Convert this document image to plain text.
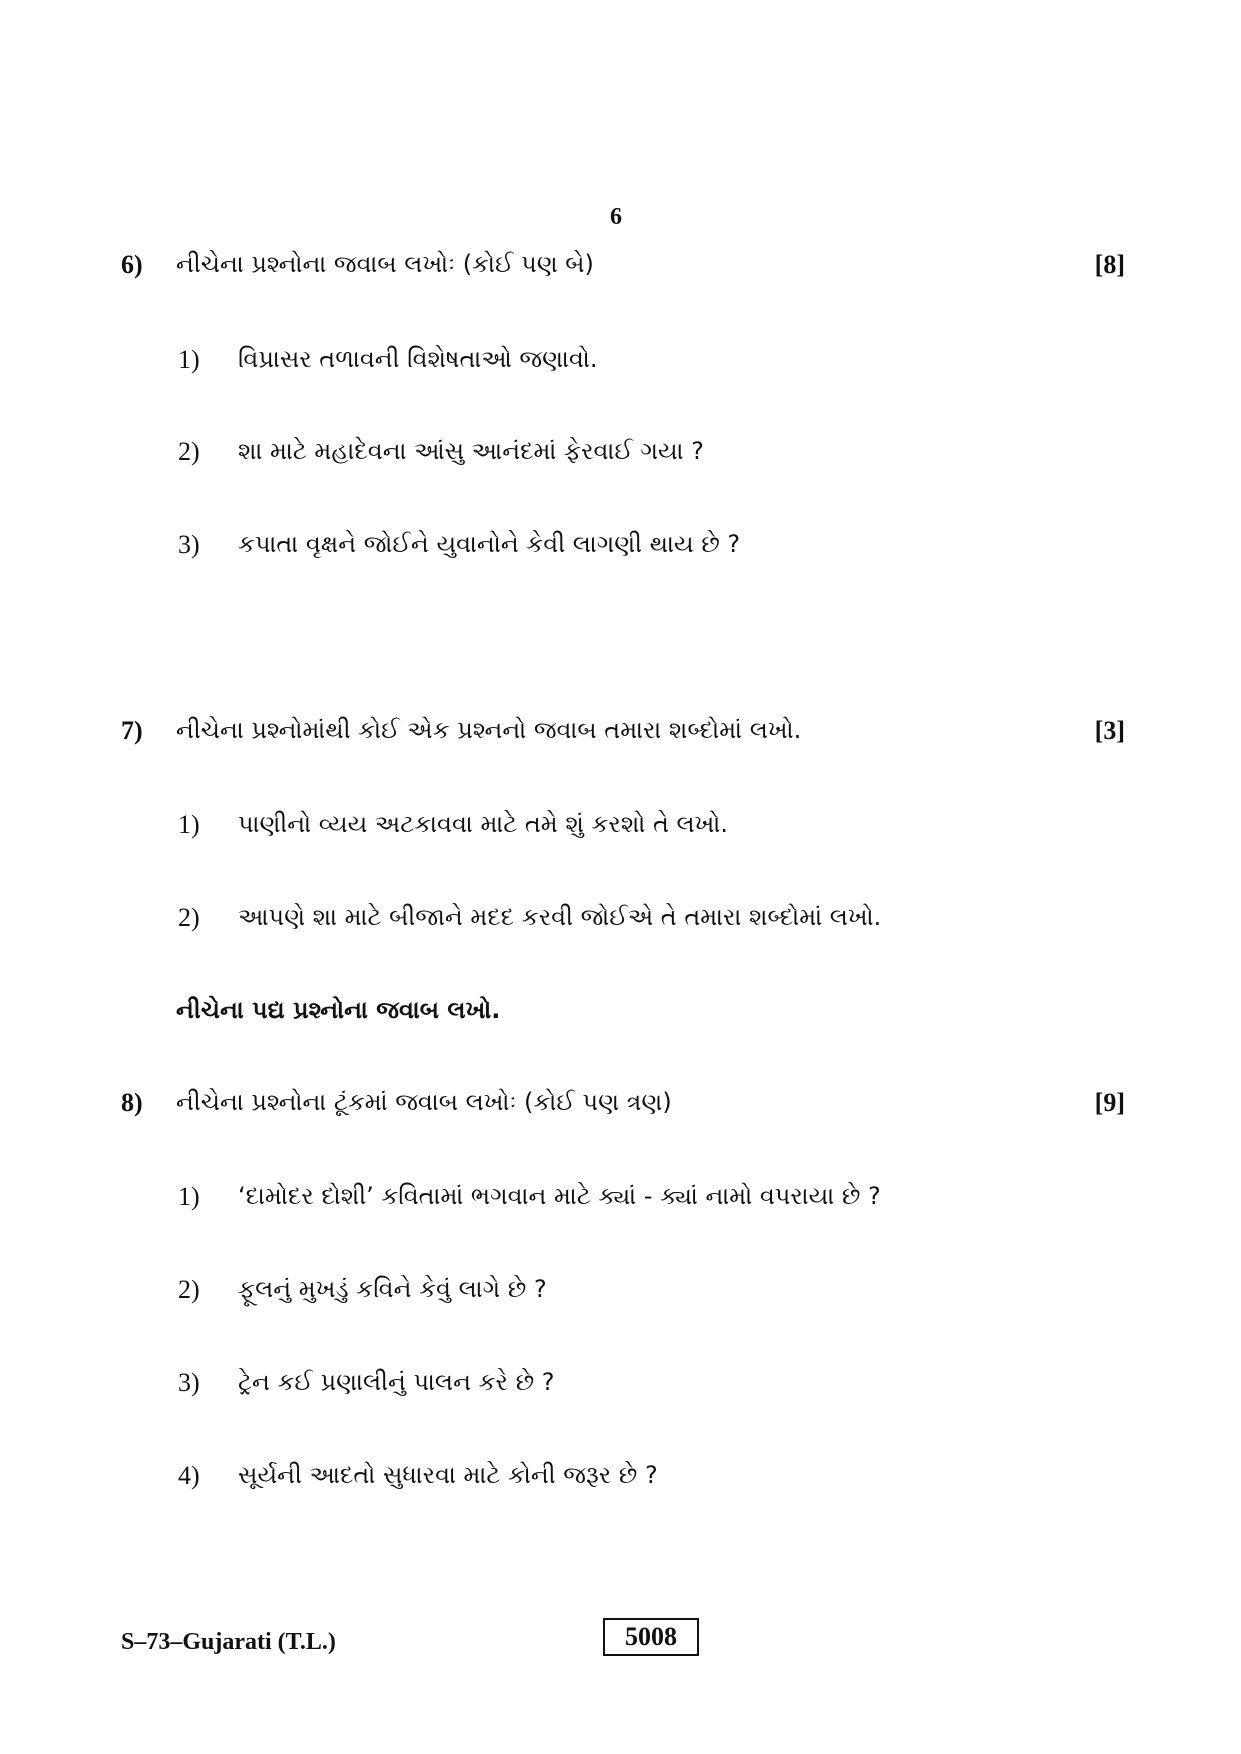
6
6) નીચેના પ્રશ્નોના જવાબ લખોઃ (કોઈ પણ બે)	[8]
1) વિપ્રાસર તળાવની વિશેષતાઓ જણાવો.
2) શા માટે મહાદેવના આંસુ આનંદમાં ફેરવાઈ ગયા ?
3) કપાતા વૃક્ષને જોઈને યુવાનોને કેવી લાગણી થાય છે ?
7) નીચેના પ્રશ્નોમાંથી કોઈ એક પ્રશ્નનો જવાબ તમારા શબ્દોમાં લખો.	[3]
1) પાણીનો વ્યય અટકાવવા માટે તમે શું કરશો તે લખો.
2) આપણે શા માટે બીજાને મદદ કરવી જોઈએ તે તમારા શબ્દોમાં લખો.
નીચેના પદ્ય પ્રશ્નોના જવાબ લખો.
8) નીચેના પ્રશ્નોના ટૂંકમાં જવાબ લખોઃ (કોઈ પણ ત્રણ)	[9]
1) ‘દામોદર દોશી’ કવિતામાં ભગવાન માટે ક્યાં - ક્યાં નામો વપરાયા છે ?
2) ફૂલનું મુખડું કવિને કેવું લાગે છે ?
3) ટ્રેન કઈ પ્રણાલીનું પાલન કરે છે ?
4) સૂર્યની આદતો સુધારવા માટે કોની જરૂર છે ?
S–73–Gujarati (T.L.)	5008
